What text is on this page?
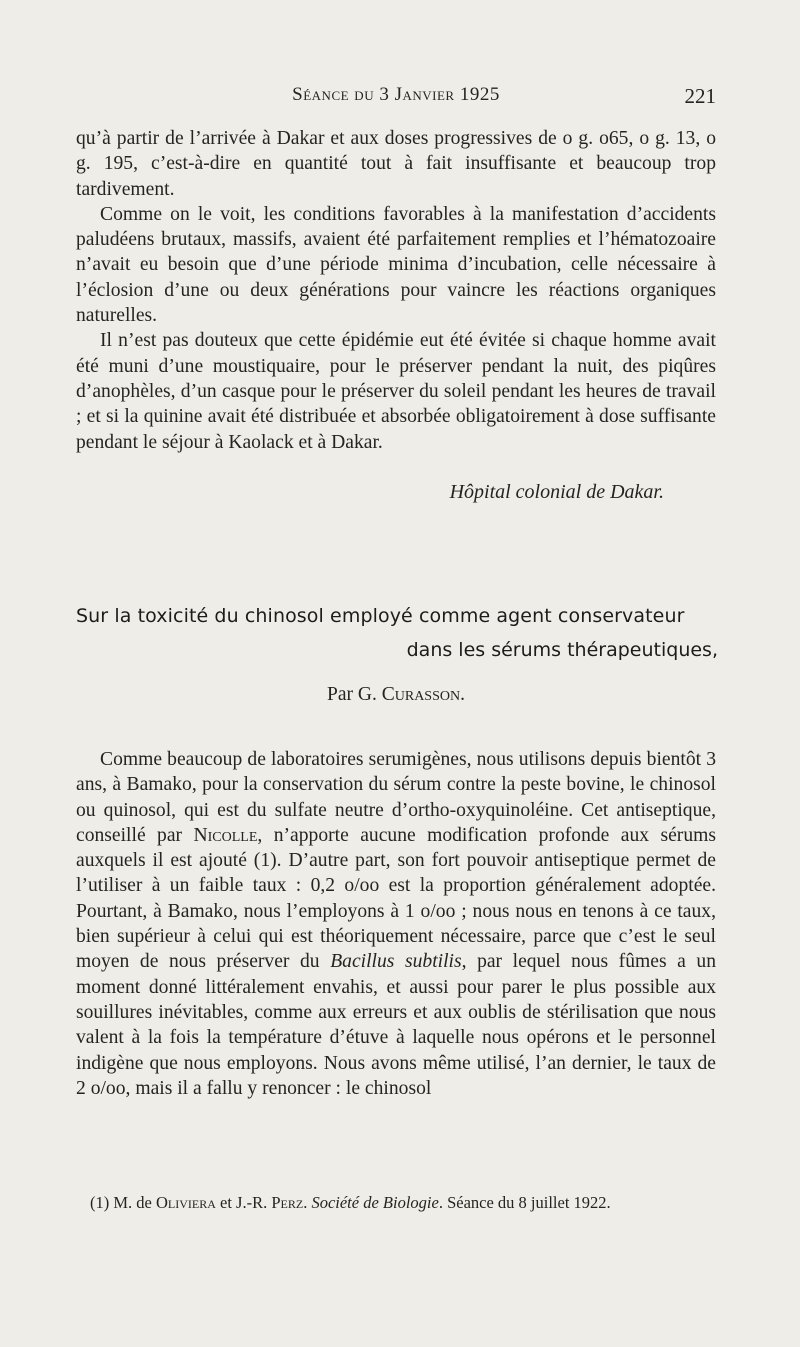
Séance du 3 Janvier 1925	221

qu’à partir de l’arrivée à Dakar et aux doses progressives de o g. o65, o g. 13, o g. 195, c’est-à-dire en quantité tout à fait insuffisante et beaucoup trop tardivement.

Comme on le voit, les conditions favorables à la manifestation d’accidents paludéens brutaux, massifs, avaient été parfaitement remplies et l’hématozoaire n’avait eu besoin que d’une période minima d’incubation, celle nécessaire à l’éclosion d’une ou deux générations pour vaincre les réactions organiques naturelles.

Il n’est pas douteux que cette épidémie eut été évitée si chaque homme avait été muni d’une moustiquaire, pour le préserver pendant la nuit, des piqûres d’anophèles, d’un casque pour le préserver du soleil pendant les heures de travail ; et si la quinine avait été distribuée et absorbée obligatoirement à dose suffisante pendant le séjour à Kaolack et à Dakar.

Hôpital colonial de Dakar.
Sur la toxicité du chinosol employé comme agent conservateur
dans les sérums thérapeutiques,
Par G. Curasson.

Comme beaucoup de laboratoires serumigènes, nous utilisons depuis bientôt 3 ans, à Bamako, pour la conservation du sérum contre la peste bovine, le chinosol ou quinosol, qui est du sulfate neutre d’ortho-oxyquinoléine. Cet antiseptique, conseillé par Nicolle, n’apporte aucune modification profonde aux sérums auxquels il est ajouté (1). D’autre part, son fort pouvoir antiseptique permet de l’utiliser à un faible taux : 0,2 o/oo est la proportion généralement adoptée. Pourtant, à Bamako, nous l’employons à 1 o/oo ; nous nous en tenons à ce taux, bien supérieur à celui qui est théoriquement nécessaire, parce que c’est le seul moyen de nous préserver du Bacillus subtilis, par lequel nous fûmes a un moment donné littéralement envahis, et aussi pour parer le plus possible aux souillures inévitables, comme aux erreurs et aux oublis de stérilisation que nous valent à la fois la température d’étuve à laquelle nous opérons et le personnel indigène que nous employons. Nous avons même utilisé, l’an dernier, le taux de 2 o/oo, mais il a fallu y renoncer : le chinosol

(1) M. de Oliviera et J.-R. Perz. Société de Biologie. Séance du 8 juillet 1922.
